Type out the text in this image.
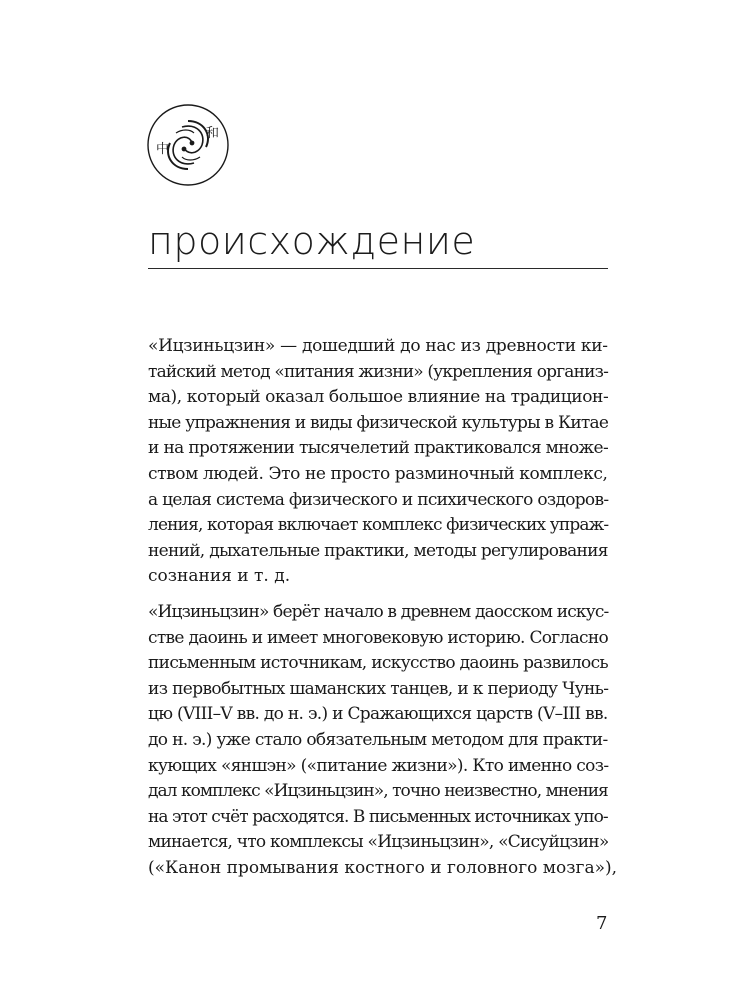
中
和
происхождение
«Ицзиньцзин» — дошедший до нас из древности ки-
тайский метод «питания жизни» (укрепления организ-
ма), который оказал большое влияние на традицион-
ные упражнения и виды физической культуры в Китае
и на протяжении тысячелетий практиковался множе-
ством людей. Это не просто разминочный комплекс,
а целая система физического и психического оздоров-
ления, которая включает комплекс физических упраж-
нений, дыхательные практики, методы регулирования
сознания и т. д.
«Ицзиньцзин» берёт начало в древнем даосском искус-
стве даоинь и имеет многовековую историю. Согласно
письменным источникам, искусство даоинь развилось
из первобытных шаманских танцев, и к периоду Чунь-
цю (VIII–V вв. до н. э.) и Сражающихся царств (V–III вв.
до н. э.) уже стало обязательным методом для практи-
кующих «яншэн» («питание жизни»). Кто именно соз-
дал комплекс «Ицзиньцзин», точно неизвестно, мнения
на этот счёт расходятся. В письменных источниках упо-
минается, что комплексы «Ицзиньцзин», «Сисуйцзин»
(«Канон промывания костного и головного мозга»),
7
